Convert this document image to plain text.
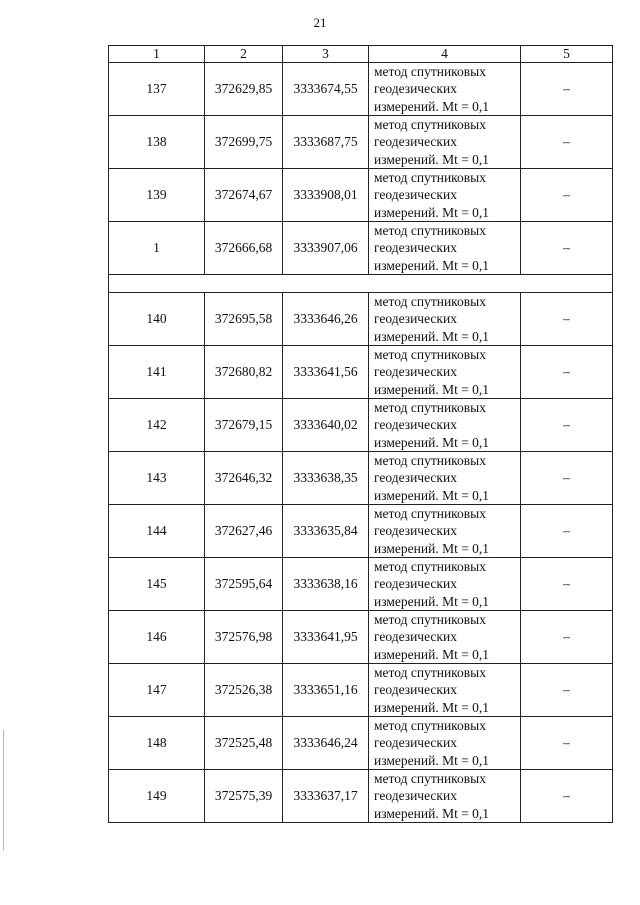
21
1	2	3	4	5
137	372629,85	3333674,55	метод спутниковых
геодезических
измерений. Mt = 0,1	–
138	372699,75	3333687,75	метод спутниковых
геодезических
измерений. Mt = 0,1	–
139	372674,67	3333908,01	метод спутниковых
геодезических
измерений. Mt = 0,1	–
1	372666,68	3333907,06	метод спутниковых
геодезических
измерений. Mt = 0,1	–

140	372695,58	3333646,26	метод спутниковых
геодезических
измерений. Mt = 0,1	–
141	372680,82	3333641,56	метод спутниковых
геодезических
измерений. Mt = 0,1	–
142	372679,15	3333640,02	метод спутниковых
геодезических
измерений. Mt = 0,1	–
143	372646,32	3333638,35	метод спутниковых
геодезических
измерений. Mt = 0,1	–
144	372627,46	3333635,84	метод спутниковых
геодезических
измерений. Mt = 0,1	–
145	372595,64	3333638,16	метод спутниковых
геодезических
измерений. Mt = 0,1	–
146	372576,98	3333641,95	метод спутниковых
геодезических
измерений. Mt = 0,1	–
147	372526,38	3333651,16	метод спутниковых
геодезических
измерений. Mt = 0,1	–
148	372525,48	3333646,24	метод спутниковых
геодезических
измерений. Mt = 0,1	–
149	372575,39	3333637,17	метод спутниковых
геодезических
измерений. Mt = 0,1	–
